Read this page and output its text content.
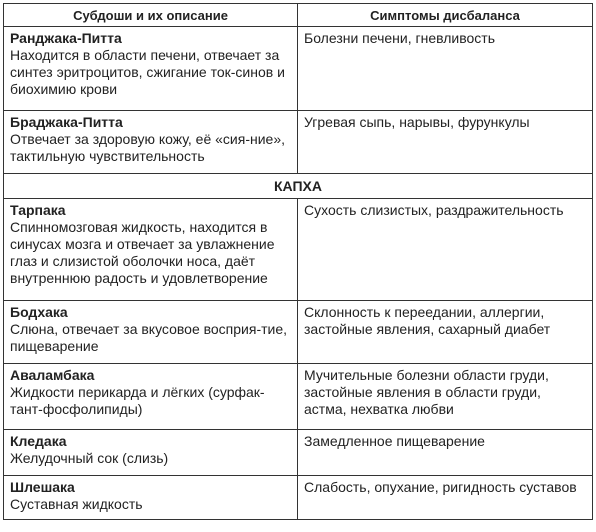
Субдоши и их описание	Симптомы дисбаланса

Ранджака-Питта
Находится в области печени, отвечает за синтез эритроцитов, сжигание ток-синов и биохимию крови	Болезни печени, гневливость

Браджака-Питта
Отвечает за здоровую кожу, её «сия-ние», тактильную чувствительность	Угревая сыпь, нарывы, фурункулы
КАПХА	

Тарпака
Спинномозговая жидкость, находится в синусах мозга и отвечает за увлажнение глаз и слизистой оболочки носа, даёт внутреннюю радость и удовлетворение	Сухость слизистых, раздражительность

Бодхака
Слюна, отвечает за вкусовое восприя-тие, пищеварение	Склонность к переедании, аллергии, застойные явления, сахарный диабет

Аваламбака
Жидкости перикарда и лёгких (сурфак-тант-фосфолипиды)	Мучительные болезни области груди, застойные явления в области груди, астма, нехватка любви

Кледака
Желудочный сок (слизь)	Замедленное пищеварение

Шлешака
Суставная жидкость	Слабость, опухание, ригидность суставов
